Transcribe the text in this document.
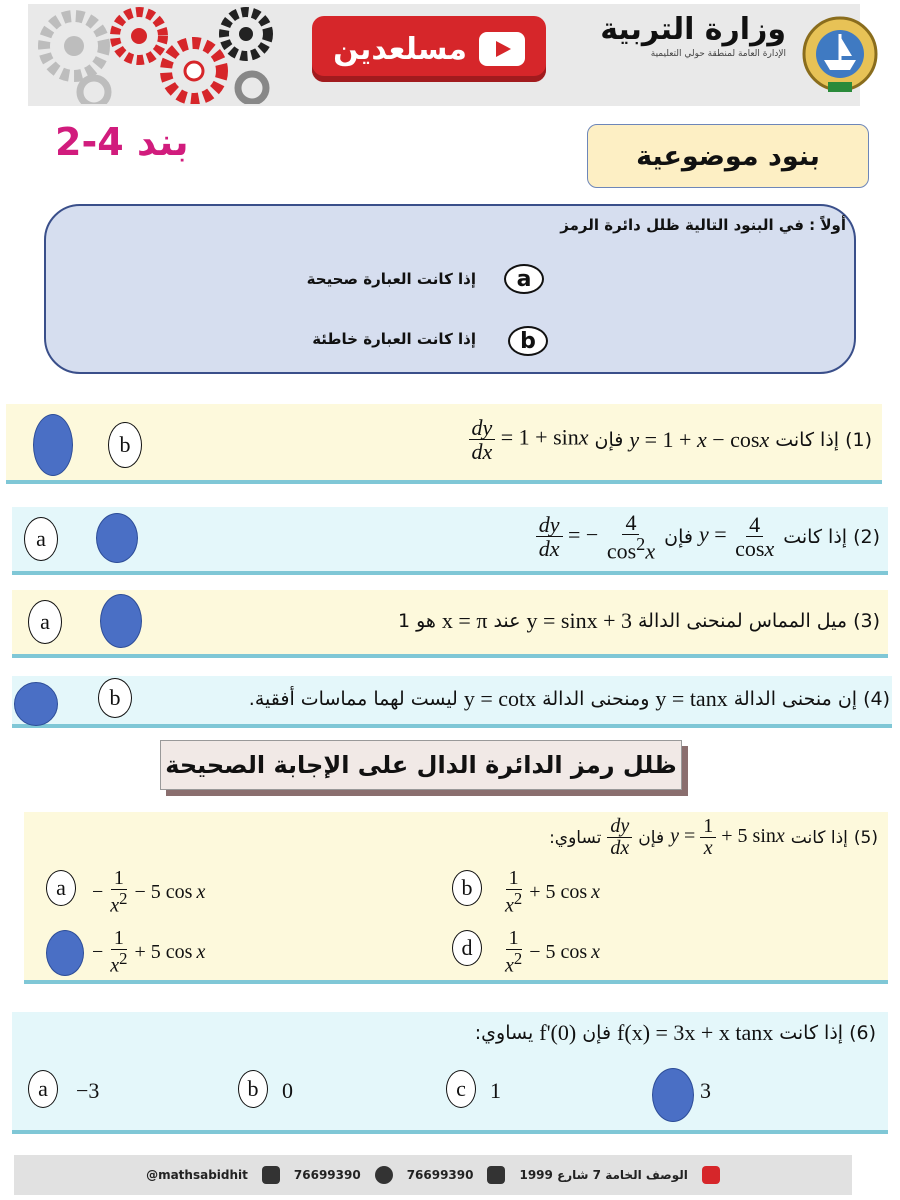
مسلعدين
وزارة التربية
الإدارة العامة لمنطقة حولي التعليمية
بنود موضوعية
بند 4-2
أولاً : في البنود التالية ظلل دائرة الرمز
a
إذا كانت العبارة صحيحة
b
إذا كانت العبارة خاطئة
b	(1)
إذا كانت
y = 1 + x − cosx
فإن
$\frac{dy}{dx} = 1 + \sin x$
a	(2)
إذا كانت
$y = \frac{4}{\cos x}$
فإن
$\frac{dy}{dx}$ = − $\frac{4}{\cos^2x}$
a	(3)
ميل المماس لمنحنى الدالة
y = sinx + 3
عند
x = π
هو 1
b	(4)
إن منحنى الدالة
y = tanx
ومنحنى الدالة
y = cotx
ليست لهما مماسات أفقية.
ظلل رمز الدائرة الدال على الإجابة الصحيحة
(5)
إذا كانت
$y = \frac{1}{x} + 5$ sinx
فإن
$\frac{dy}{dx}$
تساوي:
a	− $\frac{1}{x^2} - 5$ cos x	b	$\frac{1}{x^2} + 5$ cos x
− $\frac{1}{x^2} + 5$ cos x	d	$\frac{1}{x^2} - 5$ cos x
(6)
إذا كانت
f(x) = 3x + x tanx
فإن
f'(0)
يساوي:
a	−3	b	0	c	1	3
@mathsabidhit	76699390	76699390	الوصف الخامة 7 شارع 1999
